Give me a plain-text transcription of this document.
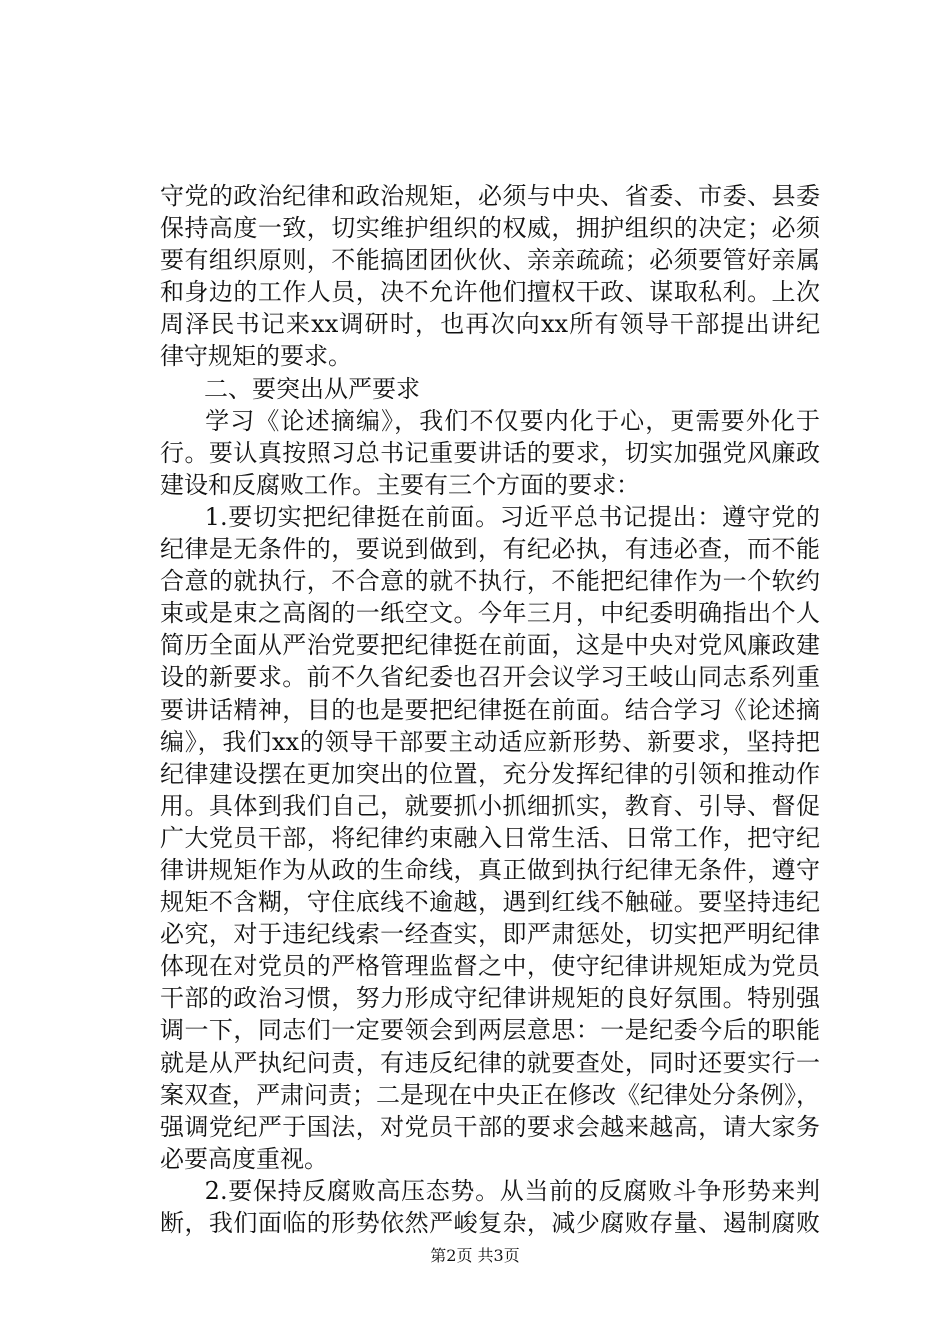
守党的政治纪律和政治规矩，必须与中央、省委、市委、县委
保持高度一致，切实维护组织的权威，拥护组织的决定；必须
要有组织原则，不能搞团团伙伙、亲亲疏疏；必须要管好亲属
和身边的工作人员，决不允许他们擅权干政、谋取私利。上次
周泽民书记来xx调研时，也再次向xx所有领导干部提出讲纪
律守规矩的要求。
　二、要突出从严要求
　学习《论述摘编》，我们不仅要内化于心，更需要外化于
行。要认真按照习总书记重要讲话的要求，切实加强党风廉政
建设和反腐败工作。主要有三个方面的要求：
　1.要切实把纪律挺在前面。习近平总书记提出：遵守党的
纪律是无条件的，要说到做到，有纪必执，有违必查，而不能
合意的就执行，不合意的就不执行，不能把纪律作为一个软约
束或是束之高阁的一纸空文。今年三月，中纪委明确指出个人
简历全面从严治党要把纪律挺在前面，这是中央对党风廉政建
设的新要求。前不久省纪委也召开会议学习王岐山同志系列重
要讲话精神，目的也是要把纪律挺在前面。结合学习《论述摘
编》，我们xx的领导干部要主动适应新形势、新要求，坚持把
纪律建设摆在更加突出的位置，充分发挥纪律的引领和推动作
用。具体到我们自己，就要抓小抓细抓实，教育、引导、督促
广大党员干部，将纪律约束融入日常生活、日常工作，把守纪
律讲规矩作为从政的生命线，真正做到执行纪律无条件，遵守
规矩不含糊，守住底线不逾越，遇到红线不触碰。要坚持违纪
必究，对于违纪线索一经查实，即严肃惩处，切实把严明纪律
体现在对党员的严格管理监督之中，使守纪律讲规矩成为党员
干部的政治习惯，努力形成守纪律讲规矩的良好氛围。特别强
调一下，同志们一定要领会到两层意思：一是纪委今后的职能
就是从严执纪问责，有违反纪律的就要查处，同时还要实行一
案双查，严肃问责；二是现在中央正在修改《纪律处分条例》，
强调党纪严于国法，对党员干部的要求会越来越高，请大家务
必要高度重视。
　2.要保持反腐败高压态势。从当前的反腐败斗争形势来判
断，我们面临的形势依然严峻复杂，减少腐败存量、遏制腐败
第2页 共3页
